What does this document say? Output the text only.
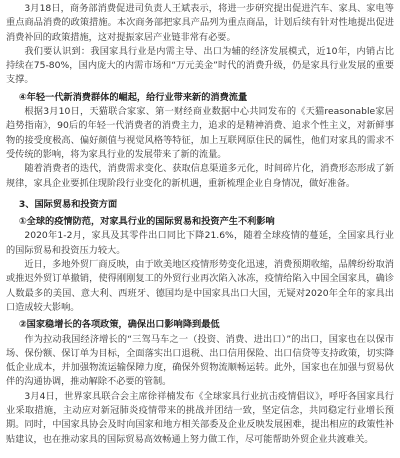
3月18日，商务部消费促进司负责人王斌表示，将进一步研究提出促进汽车、家具、家电等重点商品消费的政策措施。本次商务部把家具产品列为重点商品，计划后续有针对性地提出促进消费补回的政策措施，这对提振家居产业链非常有必要。

我们要认识到：我国家具行业是内需主导、出口为辅的经济发展模式，近10年，内销占比持续在75-80%，国内庞大的内需市场和“万元美金”时代的消费升级，仍是家具行业发展的重要支撑。

④年轻一代新消费群体的崛起，给行业带来新的消费流量

根据3月10日，天猫联合家家、第一财经商业数据中心共同发布的《天猫reasonable家居趋势指南》，90后的年轻一代消费者的消费主力，追求的是精神消费、追求个性主义，对新鲜事物的接受度极高、偏好颜值与视觉风格等特征，加上互联网原住民的属性，他们对家具的需求不受传统的影响，将为家具行业的发展带来了新的流量。

随着消费者的迭代，消费需求变化、获取信息渠道多元化，时间碎片化，消费形态形成了新规律，家具企业要抓住现阶段行业变化的新机遇，重新梳理企业自身情况，做好准备。

3、国际贸易和投资方面

①全球的疫情防范，对家具行业的国际贸易和投资产生不利影响

2020年1-2月，家具及其零件出口同比下降21.6%，随着全球疫情的蔓延，全国家具行业的国际贸易和投资压力较大。

近日，多地外贸厂商反映，由于欧美地区疫情形势变化迅速，消费预期收缩，品牌纷纷取消或推迟外贸订单撤销，使得刚刚复工的外贸行业再次陷入冰冻，疫情给陷入中国全国家具，确诊人数最多的美国、意大利、西班牙、德国均是中国家具出口大国，无疑对2020年全年的家具出口造成较大影响。

②国家稳增长的各项政策，确保出口影响降到最低

作为拉动我国经济增长的“三驾马车之一（投资、消费、进出口）”的出口，国家也在以保市场、保份额、保订单为目标，全面落实出口退税、出口信用保险、出口信贷等支持政策，切实降低企业成本，并加强物流运输保障力度，确保外贸物流顺畅运转。此外，国家也在加强与贸易伙伴的沟通协调，推动解除不必要的管制。

3月4日，世界家具联合会主席徐祥楠发布《全球家具行业抗击疫情倡议》，呼吁各国家具行业采取措施，主动应对新冠肺炎疫情带来的挑战并团结一致，坚定信念，共同稳定行业增长预期。同时，中国家具协会及时向国家和地方相关部委及企业反映发展困难，提出相应的政策性补贴建议，也在推动家具的国际贸易高效畅通上努力做工作，尽可能帮助外贸企业共渡难关。
